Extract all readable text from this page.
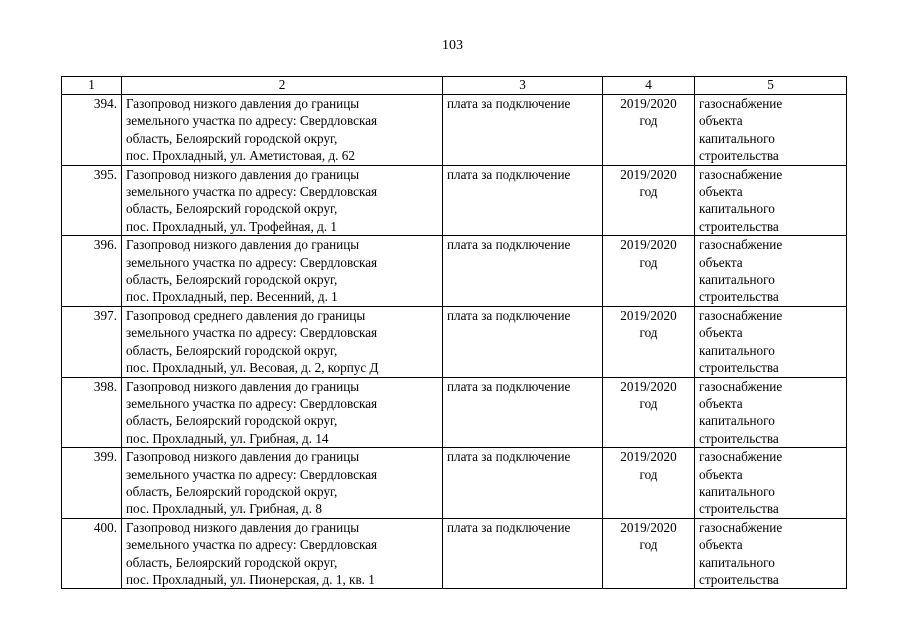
103
1	2	3	4	5
394.	Газопровод низкого давления до границы
земельного участка по адресу: Свердловская
область, Белоярский городской округ,
пос. Прохладный, ул. Аметистовая, д. 62	плата за подключение	2019/2020
год	газоснабжение
объекта
капитального
строительства

395.	Газопровод низкого давления до границы
земельного участка по адресу: Свердловская
область, Белоярский городской округ,
пос. Прохладный, ул. Трофейная, д. 1	плата за подключение	2019/2020
год	газоснабжение
объекта
капитального
строительства

396.	Газопровод низкого давления до границы
земельного участка по адресу: Свердловская
область, Белоярский городской округ,
пос. Прохладный, пер. Весенний, д. 1	плата за подключение	2019/2020
год	газоснабжение
объекта
капитального
строительства

397.	Газопровод среднего давления до границы
земельного участка по адресу: Свердловская
область, Белоярский городской округ,
пос. Прохладный, ул. Весовая, д. 2, корпус Д	плата за подключение	2019/2020
год	газоснабжение
объекта
капитального
строительства

398.	Газопровод низкого давления до границы
земельного участка по адресу: Свердловская
область, Белоярский городской округ,
пос. Прохладный, ул. Грибная, д. 14	плата за подключение	2019/2020
год	газоснабжение
объекта
капитального
строительства

399.	Газопровод низкого давления до границы
земельного участка по адресу: Свердловская
область, Белоярский городской округ,
пос. Прохладный, ул. Грибная, д. 8	плата за подключение	2019/2020
год	газоснабжение
объекта
капитального
строительства

400.	Газопровод низкого давления до границы
земельного участка по адресу: Свердловская
область, Белоярский городской округ,
пос. Прохладный, ул. Пионерская, д. 1, кв. 1	плата за подключение	2019/2020
год	газоснабжение
объекта
капитального
строительства
